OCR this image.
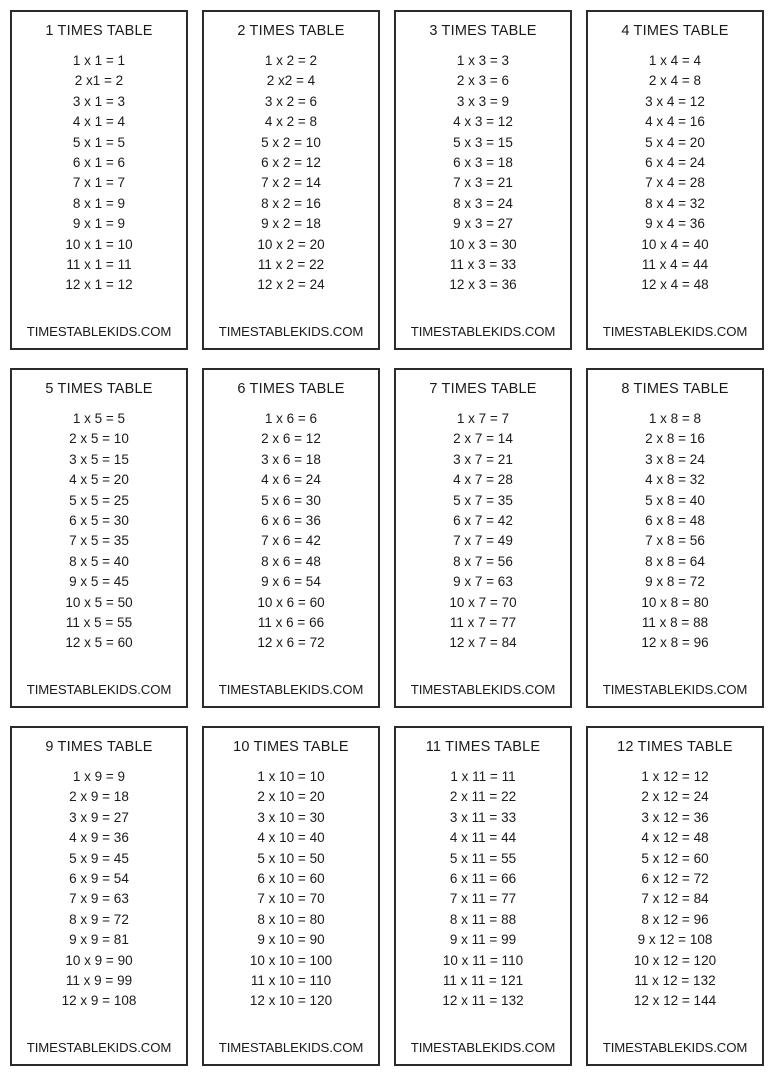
1 TIMES TABLE
1 x 1 = 1
2 x1 = 2
3 x 1 = 3
4 x 1 = 4
5 x 1 = 5
6 x 1 = 6
7 x 1 = 7
8 x 1 = 9
9 x 1 = 9
10 x 1 = 10
11 x 1 = 11
12 x 1 = 12
TIMESTABLEKIDS.COM
2 TIMES TABLE
1 x 2 = 2
2 x2 = 4
3 x 2 = 6
4 x 2 = 8
5 x 2 = 10
6 x 2 = 12
7 x 2 = 14
8 x 2 = 16
9 x 2 = 18
10 x 2 = 20
11 x 2 = 22
12 x 2 = 24
TIMESTABLEKIDS.COM
3 TIMES TABLE
1 x 3 = 3
2 x 3 = 6
3 x 3 = 9
4 x 3 = 12
5 x 3 = 15
6 x 3 = 18
7 x 3 = 21
8 x 3 = 24
9 x 3 = 27
10 x 3 = 30
11 x 3 = 33
12 x 3 = 36
TIMESTABLEKIDS.COM
4 TIMES TABLE
1 x 4 = 4
2 x 4 = 8
3 x 4 = 12
4 x 4 = 16
5 x 4 = 20
6 x 4 = 24
7 x 4 = 28
8 x 4 = 32
9 x 4 = 36
10 x 4 = 40
11 x 4 = 44
12 x 4 = 48
TIMESTABLEKIDS.COM
5 TIMES TABLE
1 x 5 = 5
2 x 5 = 10
3 x 5 = 15
4 x 5 = 20
5 x 5 = 25
6 x 5 = 30
7 x 5 = 35
8 x 5 = 40
9 x 5 = 45
10 x 5 = 50
11 x 5 = 55
12 x 5 = 60
TIMESTABLEKIDS.COM
6 TIMES TABLE
1 x 6 = 6
2 x 6 = 12
3 x 6 = 18
4 x 6 = 24
5 x 6 = 30
6 x 6 = 36
7 x 6 = 42
8 x 6 = 48
9 x 6 = 54
10 x 6 = 60
11 x 6 = 66
12 x 6 = 72
TIMESTABLEKIDS.COM
7 TIMES TABLE
1 x 7 = 7
2 x 7 = 14
3 x 7 = 21
4 x 7 = 28
5 x 7 = 35
6 x 7 = 42
7 x 7 = 49
8 x 7 = 56
9 x 7 = 63
10 x 7 = 70
11 x 7 = 77
12 x 7 = 84
TIMESTABLEKIDS.COM
8 TIMES TABLE
1 x 8 = 8
2 x 8 = 16
3 x 8 = 24
4 x 8 = 32
5 x 8 = 40
6 x 8 = 48
7 x 8 = 56
8 x 8 = 64
9 x 8 = 72
10 x 8 = 80
11 x 8 = 88
12 x 8 = 96
TIMESTABLEKIDS.COM
9 TIMES TABLE
1 x 9 = 9
2 x 9 = 18
3 x 9 = 27
4 x 9 = 36
5 x 9 = 45
6 x 9 = 54
7 x 9 = 63
8 x 9 = 72
9 x 9 = 81
10 x 9 = 90
11 x 9 = 99
12 x 9 = 108
TIMESTABLEKIDS.COM
10 TIMES TABLE
1 x 10 = 10
2 x 10 = 20
3 x 10 = 30
4 x 10 = 40
5 x 10 = 50
6 x 10 = 60
7 x 10 = 70
8 x 10 = 80
9 x 10 = 90
10 x 10 = 100
11 x 10 = 110
12 x 10 = 120
TIMESTABLEKIDS.COM
11 TIMES TABLE
1 x 11 = 11
2 x 11 = 22
3 x 11 = 33
4 x 11 = 44
5 x 11 = 55
6 x 11 = 66
7 x 11 = 77
8 x 11 = 88
9 x 11 = 99
10 x 11 = 110
11 x 11 = 121
12 x 11 = 132
TIMESTABLEKIDS.COM
12 TIMES TABLE
1 x 12 = 12
2 x 12 = 24
3 x 12 = 36
4 x 12 = 48
5 x 12 = 60
6 x 12 = 72
7 x 12 = 84
8 x 12 = 96
9 x 12 = 108
10 x 12 = 120
11 x 12 = 132
12 x 12 = 144
TIMESTABLEKIDS.COM
